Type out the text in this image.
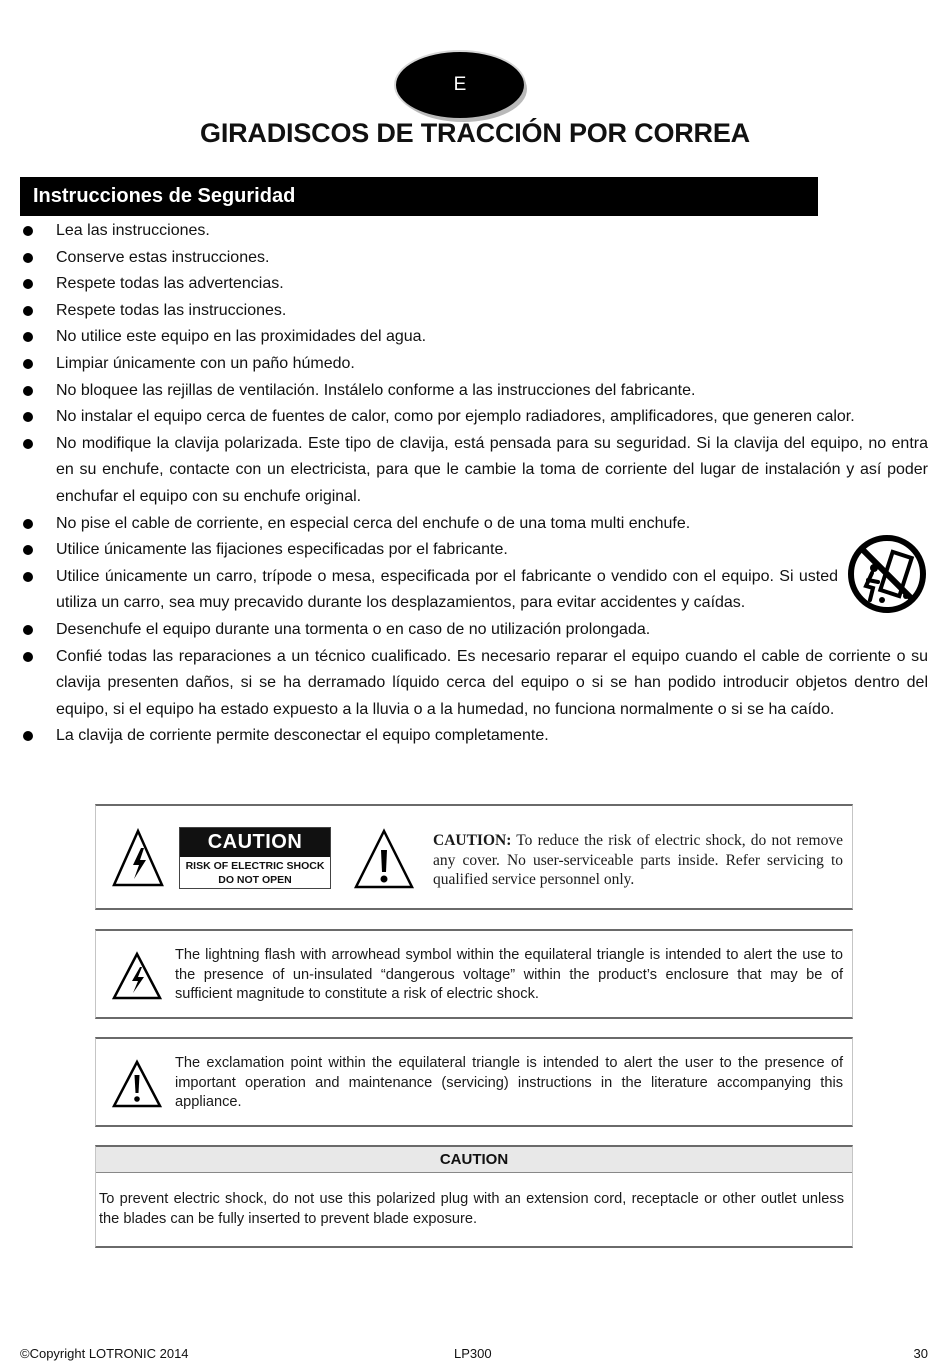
E
GIRADISCOS DE TRACCIÓN POR CORREA
Instrucciones de Seguridad
Lea las instrucciones.
Conserve estas instrucciones.
Respete todas las advertencias.
Respete todas las instrucciones.
No utilice este equipo en las proximidades del agua.
Limpiar únicamente con un paño húmedo.
No bloquee las rejillas de ventilación. Instálelo conforme a las instrucciones del fabricante.
No instalar el equipo cerca de fuentes de calor, como por ejemplo radiadores, amplificadores, que generen calor.
No modifique la clavija polarizada. Este tipo de clavija, está pensada para su seguridad. Si la clavija del equipo, no entra en su enchufe, contacte con un electricista, para que le cambie la toma de corriente del lugar de instalación y así poder enchufar el equipo con su enchufe original.
No pise el cable de corriente, en especial cerca del enchufe o de una toma multi enchufe.
Utilice únicamente las fijaciones especificadas por el fabricante.
Utilice únicamente un carro, trípode o mesa, especificada por el fabricante o vendido con el equipo. Si usted utiliza un carro, sea muy precavido durante los desplazamientos, para evitar accidentes y caídas.
Desenchufe el equipo durante una tormenta o en caso de no utilización prolongada.
Confié todas las reparaciones a un técnico cualificado. Es necesario reparar el equipo cuando el cable de corriente o su clavija presenten daños, si se ha derramado líquido cerca del equipo o si se han podido introducir objetos dentro del equipo, si el equipo ha estado expuesto a la lluvia o a la humedad, no funciona normalmente o si se ha caído.
La clavija de corriente permite desconectar el equipo completamente.
CAUTION
RISK OF ELECTRIC SHOCK
DO NOT OPEN
CAUTION: To reduce the risk of electric shock, do not remove any cover. No user-serviceable parts inside. Refer servicing to qualified service personnel only.
The lightning flash with arrowhead symbol within the equilateral triangle is intended to alert the use to the presence of un-insulated “dangerous voltage” within the product’s enclosure that may be of sufficient magnitude to constitute a risk of electric shock.
The exclamation point within the equilateral triangle is intended to alert the user to the presence of important operation and maintenance (servicing) instructions in the literature accompanying this appliance.
CAUTION
To prevent electric shock, do not use this polarized plug with an extension cord, receptacle or other outlet unless the blades can be fully inserted to prevent blade exposure.
©Copyright LOTRONIC 2014	LP300	30
